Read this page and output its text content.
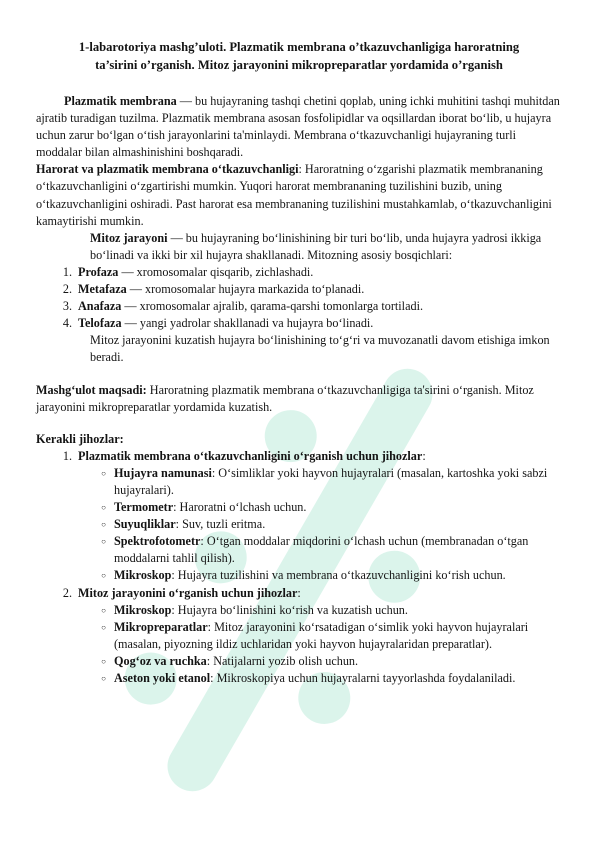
1-labarotoriya mashg’uloti. Plazmatik membrana o’tkazuvchanligiga haroratning
ta’sirini o’rganish. Mitoz jarayonini mikropreparatlar yordamida o’rganish

Plazmatik membrana — bu hujayraning tashqi chetini qoplab, uning ichki muhitini tashqi muhitdan ajratib turadigan tuzilma. Plazmatik membrana asosan fosfolipidlar va oqsillardan iborat bo‘lib, u hujayra uchun zarur bo‘lgan o‘tish jarayonlarini ta'minlaydi. Membrana o‘tkazuvchanligi hujayraning turli moddalar bilan almashinishini boshqaradi.

Harorat va plazmatik membrana o‘tkazuvchanligi: Haroratning o‘zgarishi plazmatik membrananing o‘tkazuvchanligini o‘zgartirishi mumkin. Yuqori harorat membrananing tuzilishini buzib, uning o‘tkazuvchanligini oshiradi. Past harorat esa membrananing tuzilishini mustahkamlab, o‘tkazuvchanligini kamaytirishi mumkin.

Mitoz jarayoni — bu hujayraning bo‘linishining bir turi bo‘lib, unda hujayra yadrosi ikkiga bo‘linadi va ikki bir xil hujayra shakllanadi. Mitozning asosiy bosqichlari:

1. Profaza — xromosomalar qisqarib, zichlashadi.
2. Metafaza — xromosomalar hujayra markazida to‘planadi.
3. Anafaza — xromosomalar ajralib, qarama-qarshi tomonlarga tortiladi.
4. Telofaza — yangi yadrolar shakllanadi va hujayra bo‘linadi.

Mitoz jarayonini kuzatish hujayra bo‘linishining to‘g‘ri va muvozanatli davom etishiga imkon beradi.

Mashg‘ulot maqsadi: Haroratning plazmatik membrana o‘tkazuvchanligiga ta'sirini o‘rganish. Mitoz jarayonini mikropreparatlar yordamida kuzatish.

Kerakli jihozlar:
1. Plazmatik membrana o‘tkazuvchanligini o‘rganish uchun jihozlar:
○ Hujayra namunasi: O‘simliklar yoki hayvon hujayralari (masalan, kartoshka yoki sabzi hujayralari).
○ Termometr: Haroratni o‘lchash uchun.
○ Suyuqliklar: Suv, tuzli eritma.
○ Spektrofotometr: O‘tgan moddalar miqdorini o‘lchash uchun (membranadan o‘tgan moddalarni tahlil qilish).
○ Mikroskop: Hujayra tuzilishini va membrana o‘tkazuvchanligini ko‘rish uchun.
2. Mitoz jarayonini o‘rganish uchun jihozlar:
○ Mikroskop: Hujayra bo‘linishini ko‘rish va kuzatish uchun.
○ Mikropreparatlar: Mitoz jarayonini ko‘rsatadigan o‘simlik yoki hayvon hujayralari (masalan, piyozning ildiz uchlaridan yoki hayvon hujayralaridan preparatlar).
○ Qog‘oz va ruchka: Natijalarni yozib olish uchun.
○ Aseton yoki etanol: Mikroskopiya uchun hujayralarni tayyorlashda foydalaniladi.
